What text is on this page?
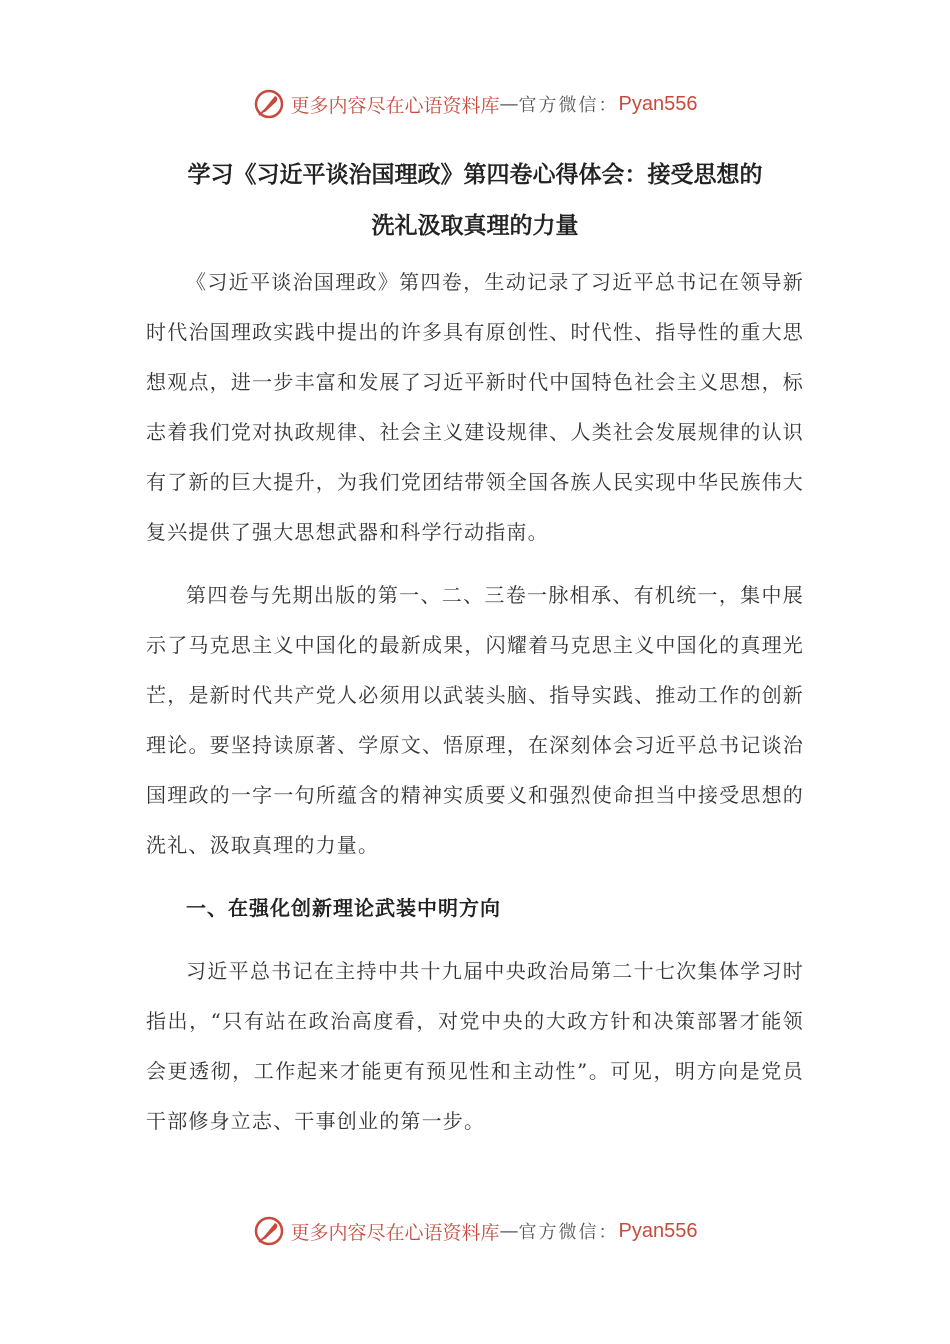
更多内容尽在心语资料库 — 官方微信： Pyan556
学习《习近平谈治国理政》第四卷心得体会：接受思想的
洗礼汲取真理的力量

《习近平谈治国理政》第四卷，生动记录了习近平总书记在领导新时代治国理政实践中提出的许多具有原创性、时代性、指导性的重大思想观点，进一步丰富和发展了习近平新时代中国特色社会主义思想，标志着我们党对执政规律、社会主义建设规律、人类社会发展规律的认识有了新的巨大提升，为我们党团结带领全国各族人民实现中华民族伟大复兴提供了强大思想武器和科学行动指南。

第四卷与先期出版的第一、二、三卷一脉相承、有机统一，集中展示了马克思主义中国化的最新成果，闪耀着马克思主义中国化的真理光芒，是新时代共产党人必须用以武装头脑、指导实践、推动工作的创新理论。要坚持读原著、学原文、悟原理，在深刻体会习近平总书记谈治国理政的一字一句所蕴含的精神实质要义和强烈使命担当中接受思想的洗礼、汲取真理的力量。

一、在强化创新理论武装中明方向

习近平总书记在主持中共十九届中央政治局第二十七次集体学习时指出，“只有站在政治高度看，对党中央的大政方针和决策部署才能领会更透彻，工作起来才能更有预见性和主动性”。可见，明方向是党员干部修身立志、干事创业的第一步。

更多内容尽在心语资料库 — 官方微信： Pyan556
